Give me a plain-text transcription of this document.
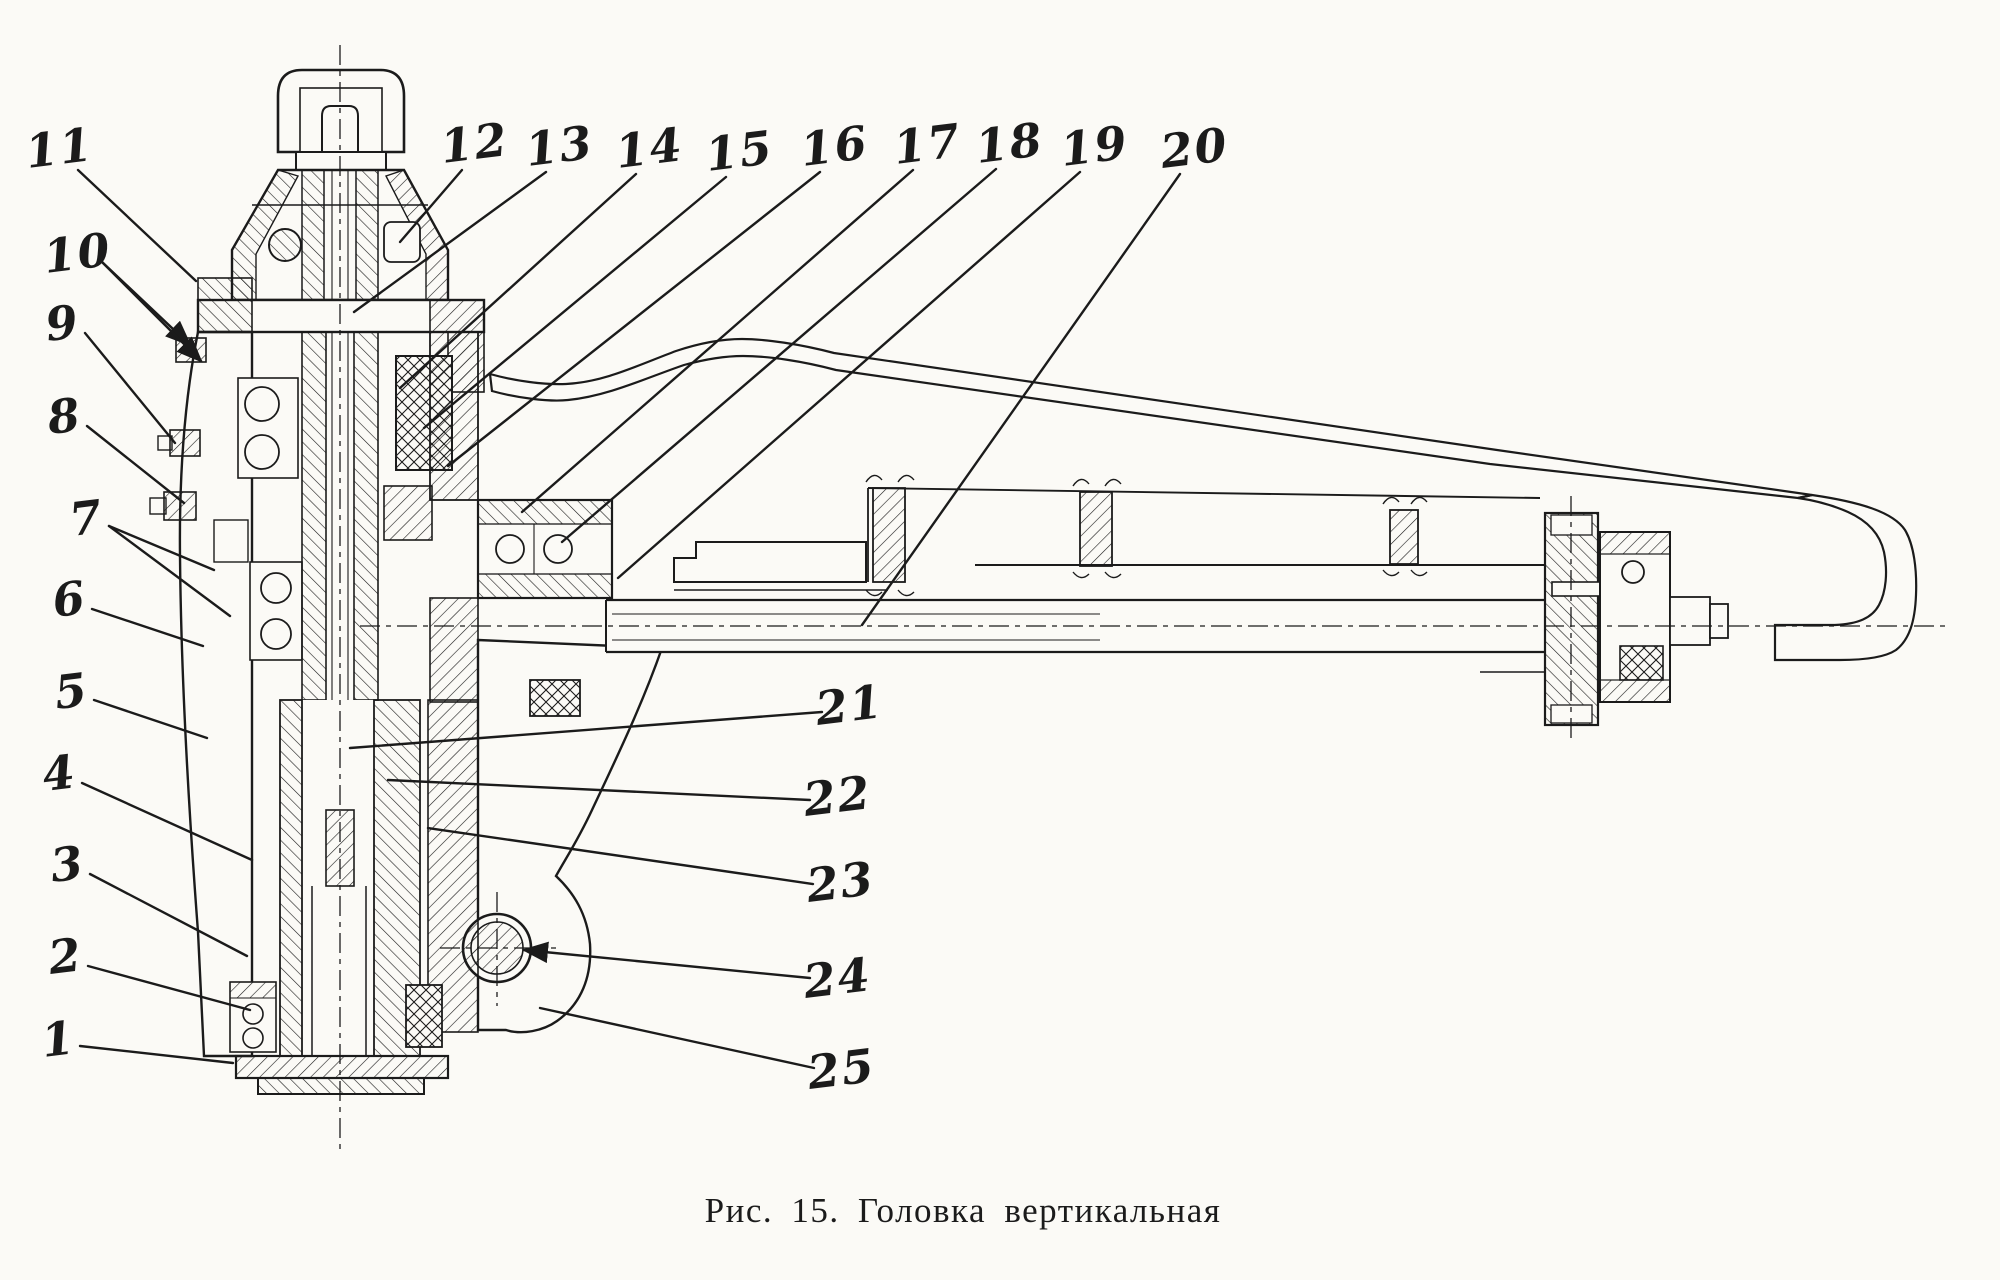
1
2
3
4
5
6
7
8
9
10
11	12 13 14 15 16 17 18 19 20
21
22
23
24
25
Рис. 15. Головка вертикальная
